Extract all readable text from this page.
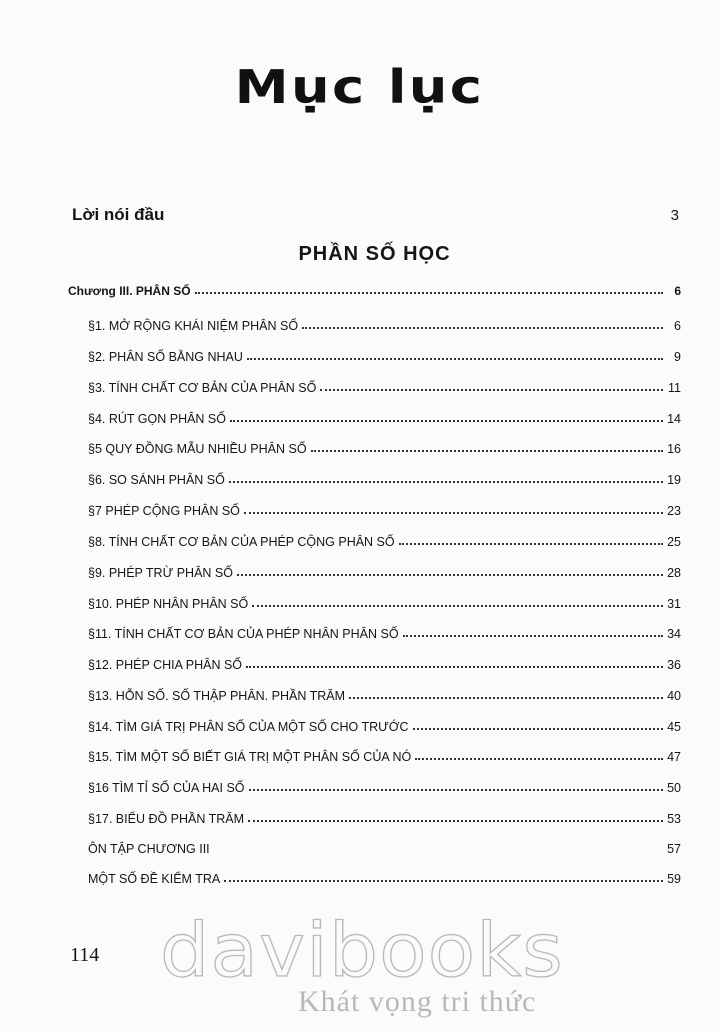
Mục lục
Lời nói đầu	3
PHẦN SỐ HỌC
Chương III. PHÂN SỐ	6
§1. MỞ RỘNG KHÁI NIỆM PHÂN SỐ	6
§2. PHÂN SỐ BẰNG NHAU	9
§3. TÍNH CHẤT CƠ BẢN CỦA PHÂN SỐ	11
§4. RÚT GỌN PHÂN SỐ	14
§5 QUY ĐỒNG MẪU NHIỀU PHÂN SỐ	16
§6. SO SÁNH PHÂN SỐ	19
§7 PHÉP CỘNG PHÂN SỐ	23
§8. TÍNH CHẤT CƠ BẢN CỦA PHÉP CỘNG PHÂN SỐ	25
§9. PHÉP TRỪ PHÂN SỐ	28
§10. PHÉP NHÂN PHÂN SỐ	31
§11. TÍNH CHẤT CƠ BẢN CỦA PHÉP NHÂN PHÂN SỐ	34
§12. PHÉP CHIA PHÂN SỐ	36
§13. HỖN SỐ. SỐ THẬP PHÂN. PHẦN TRĂM	40
§14. TÌM GIÁ TRỊ PHÂN SỐ CỦA MỘT SỐ CHO TRƯỚC	45
§15. TÌM MỘT SỐ BIẾT GIÁ TRỊ MỘT PHÂN SỐ CỦA NÓ	47
§16 TÌM TỈ SỐ CỦA HAI SỐ	50
§17. BIỂU ĐỒ PHẦN TRĂM	53
ÔN TẬP CHƯƠNG III	57
MỘT SỐ ĐỀ KIỂM TRA	59
114 davibooks
Khát vọng tri thức
